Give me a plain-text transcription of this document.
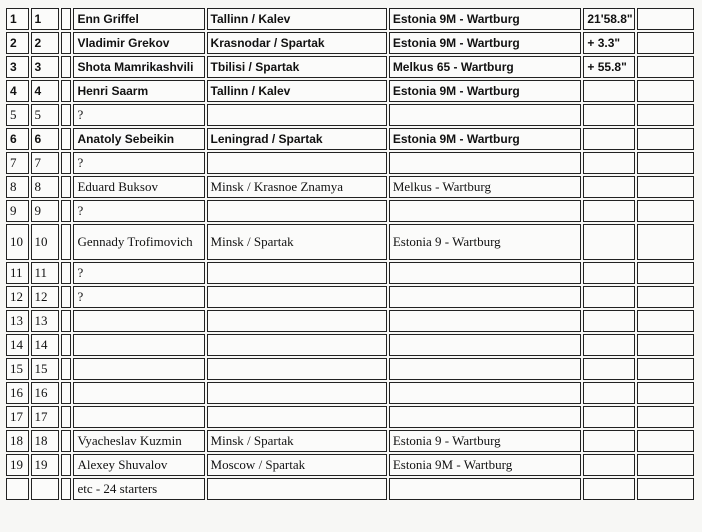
1	1		Enn Griffel	Tallinn / Kalev	Estonia 9M - Wartburg	21'58.8"	
2	2		Vladimir Grekov	Krasnodar / Spartak	Estonia 9M - Wartburg	+ 3.3"	
3	3		Shota Mamrikashvili	Tbilisi / Spartak	Melkus 65 - Wartburg	+ 55.8"	
4	4		Henri Saarm	Tallinn / Kalev	Estonia 9M - Wartburg		
5	5		?				
6	6		Anatoly Sebeikin	Leningrad / Spartak	Estonia 9M - Wartburg		
7	7		?				
8	8		Eduard Buksov	Minsk / Krasnoe Znamya	Melkus - Wartburg		
9	9		?				
10	10		Gennady Trofimovich	Minsk / Spartak	Estonia 9 - Wartburg		
11	11		?				
12	12		?				
13	13						
14	14						
15	15						
16	16						
17	17						
18	18		Vyacheslav Kuzmin	Minsk / Spartak	Estonia 9 - Wartburg		
19	19		Alexey Shuvalov	Moscow / Spartak	Estonia 9M - Wartburg		
			etc - 24 starters				
